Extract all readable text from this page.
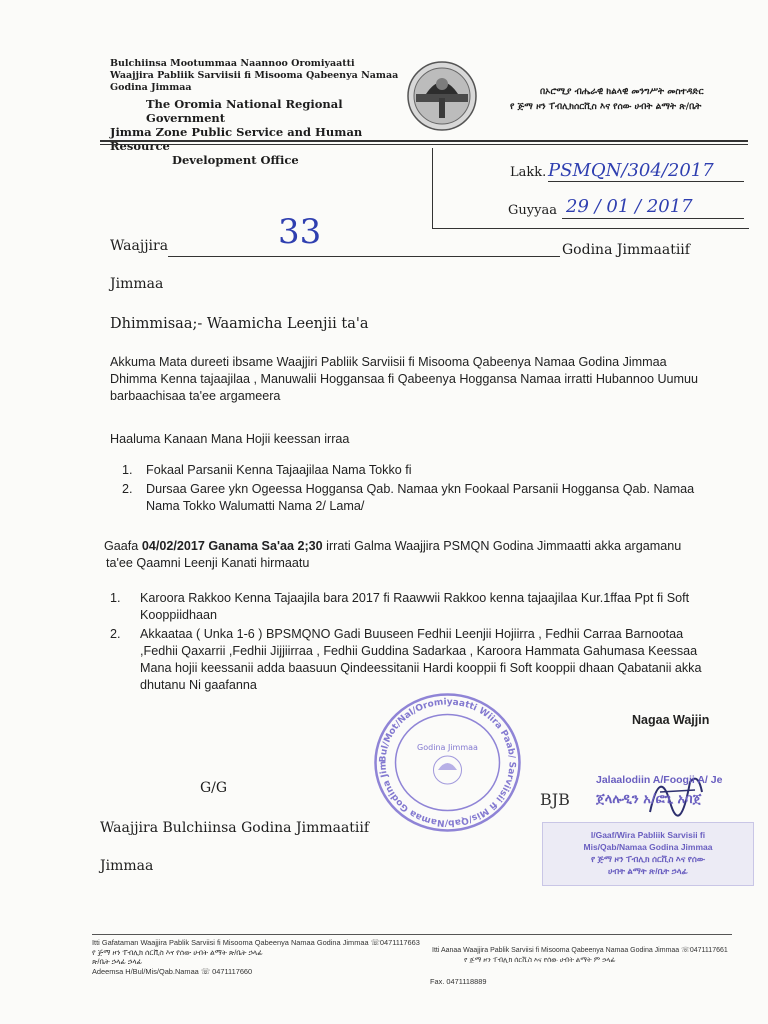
Bulchiinsa Mootummaa Naannoo Oromiyaatti
Waajjira Pabliik Sarviisii fi Misooma Qabeenya Namaa
Godina Jimmaa
The Oromia National Regional Government
Jimma Zone Public Service and Human Resource
Development Office
በኦሮሚያ ብሔራዊ ክልላዊ መንግሥት መስተዳድር
የ ጅማ ዞን ፐብሊክሰርቪስ እና የሰው ሀብት ልማት ጽ/ቤት
Lakk. PSMQN/304/2017
Guyyaa 29 / 01 / 2017
Waajjira	33	Godina Jimmaatiif
Jimmaa
Dhimmisaa;- Waamicha Leenjii ta'a
Akkuma Mata dureeti ibsame Waajjiri Pabliik Sarviisii fi Misooma Qabeenya Namaa Godina Jimmaa
Dhimma Kenna tajaajilaa , Manuwalii Hoggansaa fi Qabeenya Hoggansa Namaa irratti Hubannoo Uumuu
barbaachisaa ta'ee argameera
Haaluma Kanaan Mana Hojii keessan irraa
1.	Fokaal Parsanii Kenna Tajaajilaa Nama Tokko fi
2.	Dursaa Garee ykn Ogeessa Hoggansa Qab. Namaa ykn Fookaal Parsanii Hoggansa Qab. Namaa
Nama Tokko Walumatti Nama 2/ Lama/
Gaafa 04/02/2017 Ganama Sa'aa 2;30 irrati Galma Waajjira PSMQN Godina Jimmaatti akka argamanu
ta'ee Qaamni Leenji Kanati hirmaatu
1.	Karoora Rakkoo Kenna Tajaajila bara 2017 fi Raawwii Rakkoo kenna tajaajilaa Kur.1ffaa Ppt fi Soft
Kooppiidhaan
2.	Akkaataa ( Unka 1-6 ) BPSMQNO Gadi Buuseen Fedhii Leenjii Hojiirra , Fedhii Carraa Barnootaa
,Fedhii Qaxarrii ,Fedhii Jijjiirraa , Fedhii Guddina Sadarkaa , Karoora Hammata Gahumasa Keessaa
Mana hojii keessanii adda baasuun Qindeessitanii Hardi kooppii fi Soft kooppii dhaan Qabatanii akka
dhutanu Ni gaafanna
Bul/Mot/Nal/Oromiyaatti Wiira Paab/ Sarviisii fi Mis/Qab/Namaa Godina Jim
Godina Jimmaa
Nagaa Wajjin
BJB
Jalaalodiin A/Foogii A/ Je
ጀላሉዲን አ/ፎጊ አባጀ
I/Gaaf/Wira Pabliik Sarvisii fi
Mis/Qab/Namaa Godina Jimmaa
የ ጅማ ዞን ፐብሊክ ሰርቪስ እና የሰው
ሀብት ልማት ጽ/ቤት ኃላፊ
G/G
Waajjira Bulchiinsa Godina Jimmaatiif
Jimmaa
Itti Gafataman Waajjira Pablik Sarviisi fi Misooma Qabeenya Namaa Godina Jimmaa ☏0471117663
የ ጅማ ዞን ፐብሊክ ሰርቪስ እና የሰው ሀብት ልማት ጽ/ቤት ኃላፊ
ጽ/ቤት ኃላፊ ኃላፊ
Adeemsa H/Bul/Mis/Qab.Namaa ☏ 0471117660
Itti Aanaa Waajjira Pablik Sarviisi fi Misooma Qabeenya Namaa Godina Jimmaa ☏0471117661
የ ጅማ ዞን ፐብሊክ ሰርቪስ እና የሰው ሀብት ልማት ም ኃላፊ
Fax. 0471118889
